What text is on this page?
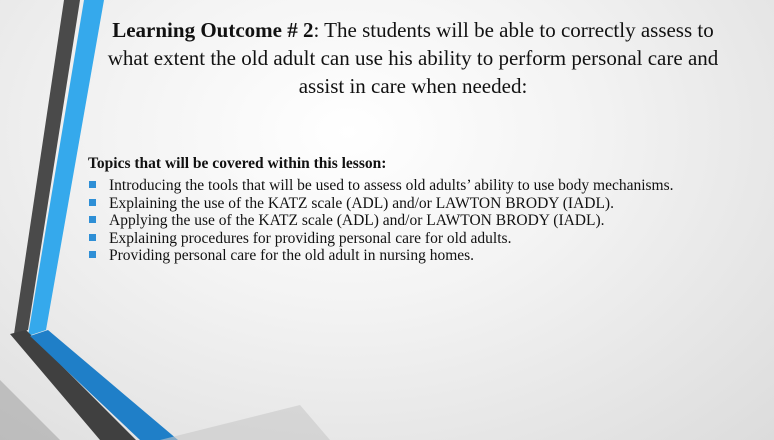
Learning Outcome # 2: The students will be able to correctly assess to what extent the old adult can use his ability to perform personal care and assist in care when needed:
Topics that will be covered within this lesson:
Introducing the tools that will be used to assess old adults’ ability to use body mechanisms.
Explaining the use of the KATZ scale (ADL) and/or LAWTON BRODY (IADL).
Applying the use of the KATZ scale (ADL) and/or LAWTON BRODY (IADL).
Explaining procedures for providing personal care for old adults.
Providing personal care for the old adult in nursing homes.
